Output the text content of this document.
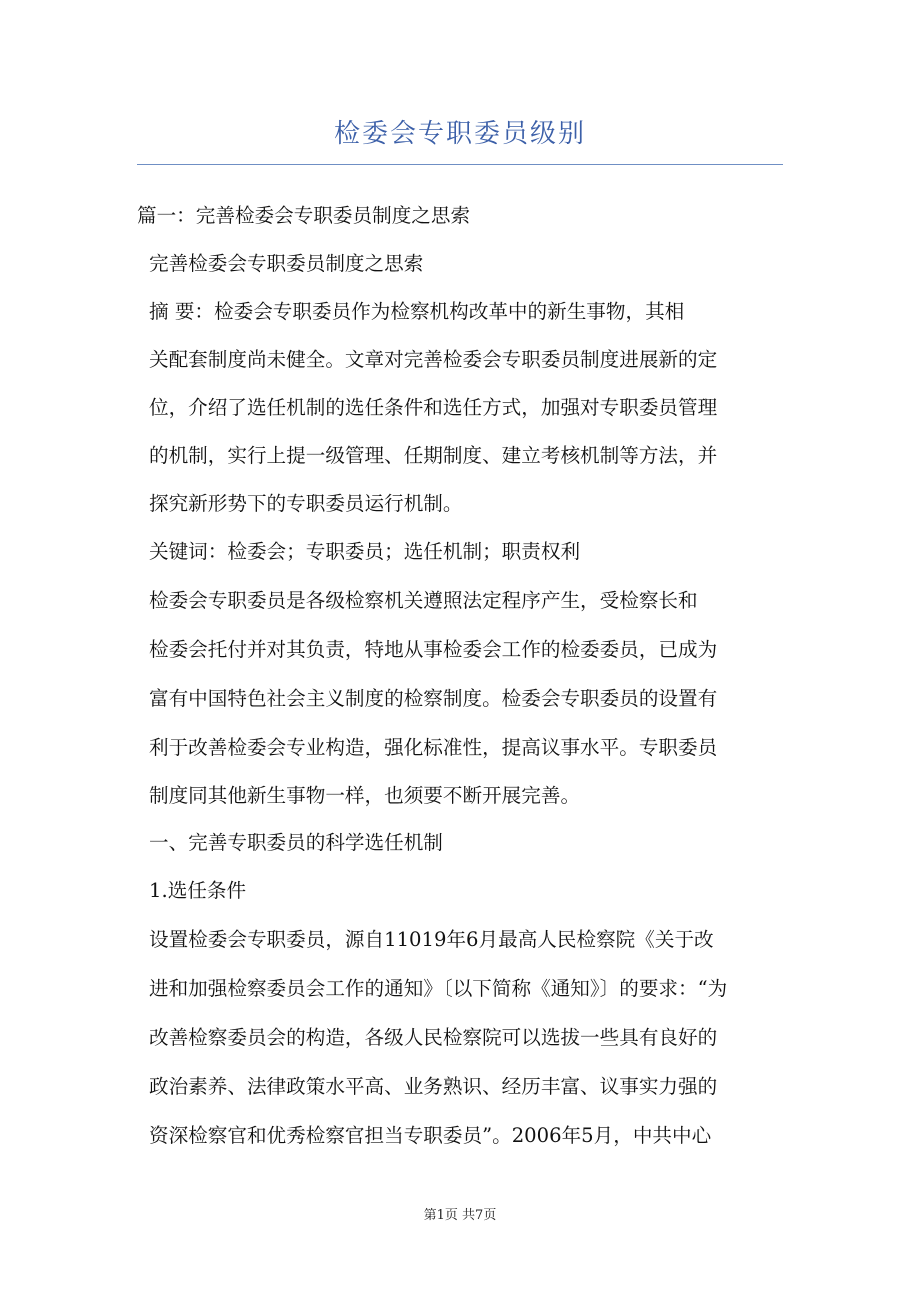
检委会专职委员级别

篇一：完善检委会专职委员制度之思索

完善检委会专职委员制度之思索

摘 要：检委会专职委员作为检察机构改革中的新生事物，其相

关配套制度尚未健全。文章对完善检委会专职委员制度进展新的定

位，介绍了选任机制的选任条件和选任方式，加强对专职委员管理

的机制，实行上提一级管理、任期制度、建立考核机制等方法，并

探究新形势下的专职委员运行机制。

关键词：检委会；专职委员；选任机制；职责权利

检委会专职委员是各级检察机关遵照法定程序产生，受检察长和

检委会托付并对其负责，特地从事检委会工作的检委委员，已成为

富有中国特色社会主义制度的检察制度。检委会专职委员的设置有

利于改善检委会专业构造，强化标准性，提高议事水平。专职委员

制度同其他新生事物一样，也须要不断开展完善。

一、完善专职委员的科学选任机制

1.选任条件

设置检委会专职委员，源自11019年6月最高人民检察院《关于改

进和加强检察委员会工作的通知》〔以下简称《通知》〕的要求：“为

改善检察委员会的构造，各级人民检察院可以选拔一些具有良好的

政治素养、法律政策水平高、业务熟识、经历丰富、议事实力强的

资深检察官和优秀检察官担当专职委员”。2006年5月，中共中心

第1页 共7页
